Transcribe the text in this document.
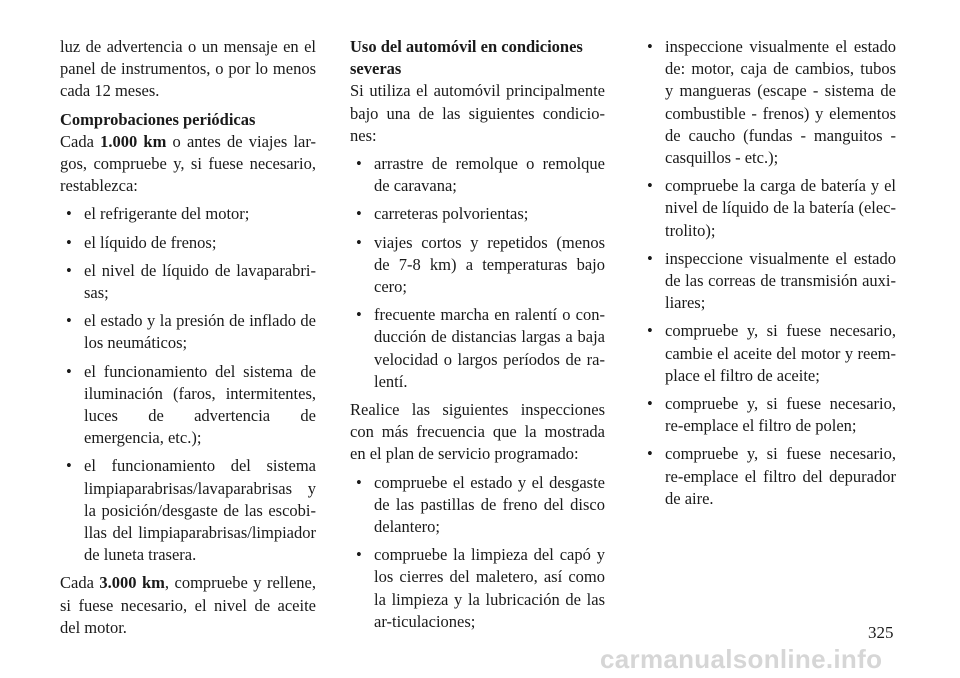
luz de advertencia o un mensaje en el panel de instrumentos, o por lo menos cada 12 meses.

Comprobaciones periódicas

Cada 1.000 km o antes de viajes lar-gos, compruebe y, si fuese necesario, restablezca:

• el refrigerante del motor;
• el líquido de frenos;
• el nivel de líquido de lavaparabri-sas;
• el estado y la presión de inflado de los neumáticos;
• el funcionamiento del sistema de iluminación (faros, intermitentes, luces de advertencia de emergencia, etc.);
• el funcionamiento del sistema limpiaparabrisas/lavaparabrisas y la posición/desgaste de las escobi-llas del limpiaparabrisas/limpiador de luneta trasera.

Cada 3.000 km, compruebe y rellene, si fuese necesario, el nivel de aceite del motor.

Uso del automóvil en condiciones severas

Si utiliza el automóvil principalmente bajo una de las siguientes condicio-nes:

• arrastre de remolque o remolque de caravana;
• carreteras polvorientas;
• viajes cortos y repetidos (menos de 7-8 km) a temperaturas bajo cero;
• frecuente marcha en ralentí o con-ducción de distancias largas a baja velocidad o largos períodos de ra-lentí.

Realice las siguientes inspecciones con más frecuencia que la mostrada en el plan de servicio programado:

• compruebe el estado y el desgaste de las pastillas de freno del disco delantero;
• compruebe la limpieza del capó y los cierres del maletero, así como la limpieza y la lubricación de las ar-ticulaciones;
• inspeccione visualmente el estado de: motor, caja de cambios, tubos y mangueras (escape - sistema de combustible - frenos) y elementos de caucho (fundas - manguitos - casquillos - etc.);
• compruebe la carga de batería y el nivel de líquido de la batería (elec-trolito);
• inspeccione visualmente el estado de las correas de transmisión auxi-liares;
• compruebe y, si fuese necesario, cambie el aceite del motor y reem-place el filtro de aceite;
• compruebe y, si fuese necesario, re-emplace el filtro de polen;
• compruebe y, si fuese necesario, re-emplace el filtro del depurador de aire.
325
carmanualsonline.info
